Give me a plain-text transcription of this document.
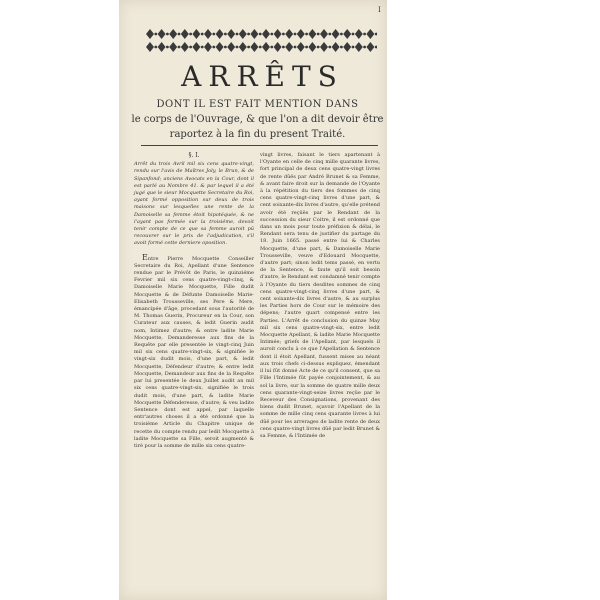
I
ARRÊTS
DONT IL EST FAIT MENTION DANS
le corps de l'Ouvrage, & que l'on a dit devoir être
raportez à la fin du present Traité.
§. I.
Arrêt du trois Avril mil six cens quatre-vingt, rendu sur l'avis de Maîtres Joly, le Brun, & de Sipanfond; anciens Avocats en la Cour, dont il est parlé au Nombre 41. & par lequel il a été jugé que le sieur Mocquette Secretaire du Roi, ayant formé opposition sur deux de trois maisons sur lesquelles une rente de la Damoiselle sa femme étoit hipotéquée, & ne l'ayant pas formée sur la troisiéme, devoit tenir compte de ce que sa femme auroit pû recouvrer sur le prix de l'adjudication, s'il avoit formé cette derniere oposition.
Entre Pierre Mocquette Conseiller Secretaire du Roi, Apellant d'une Sentence rendue par le Prévôt de Paris, le quinziéme Fevrier mil six cens quatre-vingt-cinq, & Damoiselle Marie Mocquette, Fille dudit Mocquette & de Défunte Damoiselle Marie-Elisabeth Trousseville, ses Pere & Mere, émancipée d'âge, procedant sous l'autorité de M. Thomas Guerin, Procureur en la Cour, son Curateur aux causes, & ledit Guerin audit nom, Intimez d'autre; & entre ladite Marie Mocquette, Demanderesse aux fins de la Requête par elle presentée le vingt-cinq Juin mil six cens quatre-vingt-six, & signifiée le vingt-six dudit mois, d'une part, & ledit Mocquette, Défendeur d'autre; & entre ledit Mocquette, Demandeur aux fins de la Requête par lui presentée le deux Juillet audit an mil six cens quatre-vingt-six, signifiée le trois dudit mois, d'une part, & ladite Marie Mocquette Défenderesse, d'autre; & veu ladite Sentence dont est appel, par laquelle entr'autres choses il a été ordonné que la troisiéme Article du Chapitre unique de recette du compte rendu par ledit Mocquette à ladite Mocquette sa Fille, seroit augmenté & tiré pour la somme de mille six cens quatre-
vingt livres, faisant le tiers apartenant à l'Oyante en celle de cinq mille quarante livres, fort principal de deux cens quatre-vingt livres de rente dûës par André Brunet & sa Femme, & avant faire droit sur la demande de l'Oyante à la répétition du tiers des fommes de cinq cens quatre-vingt-cinq livres d'une part, & cent soixante-dix livres d'autre, qu'elle prétend avoir été reçûës par le Rendant de la succession du sieur Coitre, il est ordonné que dans un mois pour toute préfixion & délai, le Rendant sera tenu de justifier du partage du 18. Juin 1665. passé entre lui & Charles Mocquette, d'une part, & Damoiselle Marie Trousseville, veuve d'Edouard Mocquette, d'autre part; sinon ledit tems passé, en vertu de la Sentence, & faute qu'il soit besoin d'autre, le Rendant est condamné tenir compte à l'Oyante du tiers desdites sommes de cinq cens quatre-vingt-cinq livres d'une part, & cent soixante-dix livres d'autre, & au surplus les Parties hors de Cour sur le mémoire des dépens; l'autre quart compensé entre les Parties. L'Arrêt de conclusion du quinze May mil six cens quatre-vingt-six, entre ledit Mocquette Apellant, & ladite Marie Mocquette Intimée; griefs de l'Apellant, par lesquels il auroit conclu à ce que l'Apellation & Sentence dont il étoit Apellant, fussent mises au néant aux trois chefs ci-dessus expliquez, émendant il lui fût donné Acte de ce qu'il consent, que sa Fille l'Intimée fût payée conjointement, & au sol la livre, sur la somme de quatre mille deux cens quarante-vingt-seize livres reçûe par le Receveur des Consignations, provenant des biens dudit Brunet, sçavoir l'Apellant de la somme de mille cinq cens quarante livres à lui dûë pour les arrerages de ladite rente de deux cens quatre-vingt livres dûë par ledit Brunet & sa Femme, & l'Intimée de
